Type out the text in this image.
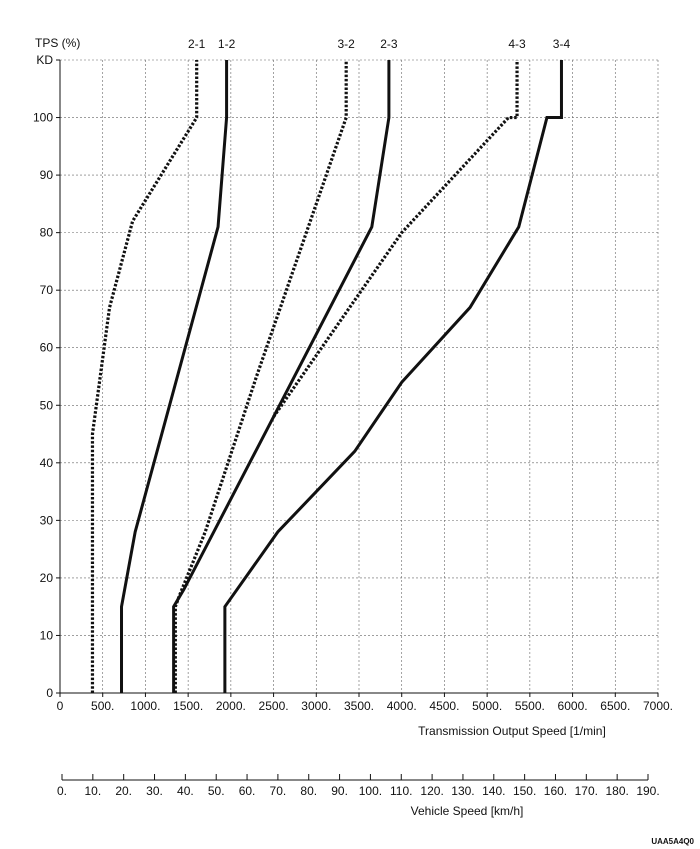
0 500. 1000. 1500. 2000. 2500. 3000. 3500. 4000. 4500. 5000. 5500. 6000. 6500. 7000.
0
10
20
30
40
50
60
70
80
90
100
KD
2-1 1-2	3-2 2-3	4-3 3-4
0. 10. 20. 30. 40. 50. 60. 70. 80. 90. 100. 110. 120. 130. 140. 150. 160. 170. 180. 190.
TPS (%)
Transmission Output Speed [1/min]
Vehicle Speed [km/h]
UAA5A4Q0
